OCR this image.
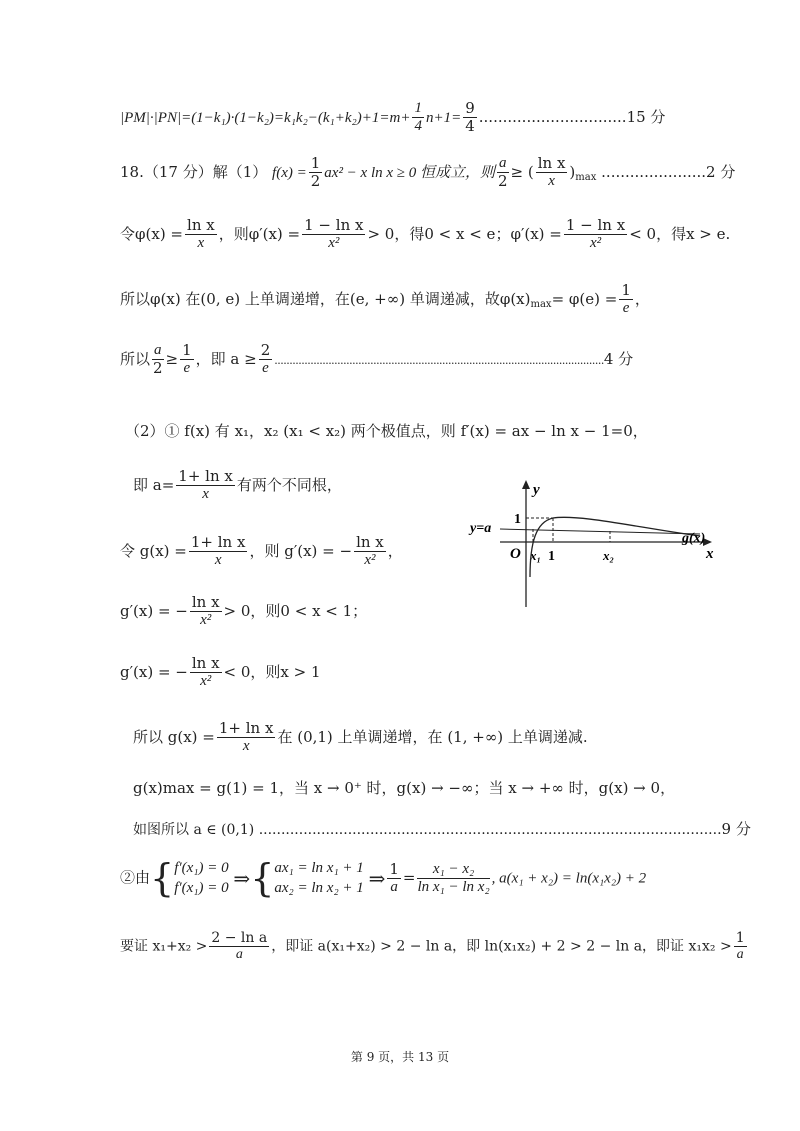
$|PM|\cdot|PN|=(1-k_1)\cdot(1-k_2)=k_1k_2-(k_1+k_2)+1=m+ \frac{1}{4} n+1= \frac{9}{4} ...............................15$ 分
18.（17 分）解（1） $f(x) = \frac{1}{2} ax^2 - x$ ln x ≥ 0 恒成立，则 $\frac{a}{2}$ ≥ ( $\frac{\text{ln x}}{x} )_{max}$ ......................2 分
令$\varphi(x) = \frac{\text{ln x}}{x}$ ，则$\varphi'(x) = \frac{\text{1 − ln x}}{\text{x²}} > 0$，得0 < x < e；$\varphi'(x) = \frac{\text{1 − ln x}}{\text{x²}} < 0$，得x > e.
所以φ(x) 在(0, e) 上单调递增，在(e, +∞) 单调递减，故$\varphi(x)_{max}= \varphi(e) = \frac{1}{e}$ ，
所以 $\frac{a}{2} \ge \frac{1}{e}$ ，即 $a \ge \frac{2}{e} ..............................................................................................................4$ 分
（2）① f(x) 有 x₁，x₂ (x₁ < x₂) 两个极值点，则 f′(x) = ax − ln x − 1=0，
即 $a= \frac{\text{1+ ln x}}{x}$ 有两个不同根，
令 $g(x) = \frac{\text{1+ ln x}}{x}$ ，则 g′(x) = − $\frac{\text{ln x}}{\text{x²}}$ ，
g′(x) = − $\frac{\text{ln x}}{\text{x²}} > 0$，则0 < x < 1；
g′(x) = − $\frac{\text{ln x}}{\text{x²}} < 0$，则x > 1
所以 $g(x) = \frac{\text{1+ ln x}}{x}$ 在 (0,1) 上单调递增，在 (1, +∞) 上单调递减.
g(x)max = g(1) = 1，当 x → 0⁺ 时，g(x) → −∞；当 x → +∞ 时，g(x) → 0，
如图所以 a ∈ (0,1) ........................................................................................................9 分
②由{ f′(x₁) = 0
f′(x₁) = 0 ⇒{ ax₁ = ln x₁ + 1
ax₂ = ln x₂ + 1 ⇒ $\frac{1}{a} = \frac{\text{x₁ − x₂}}{\text{ln x₁ − ln x₂}}$ , a(x₁ + x₂) = ln(x₁x₂) + 2
要证 $x_1+x_2 > \frac{\text{2 − ln a}}{a}$ ，即证 a(x₁+x₂) > 2 − ln a，即 ln(x₁x₂) + 2 > 2 − ln a，即证 $x_1x_2 > \frac{1}{a}$
y
x
O
y=a
1
1
x₁	x₂
g(x)
第 9 页，共 13 页
